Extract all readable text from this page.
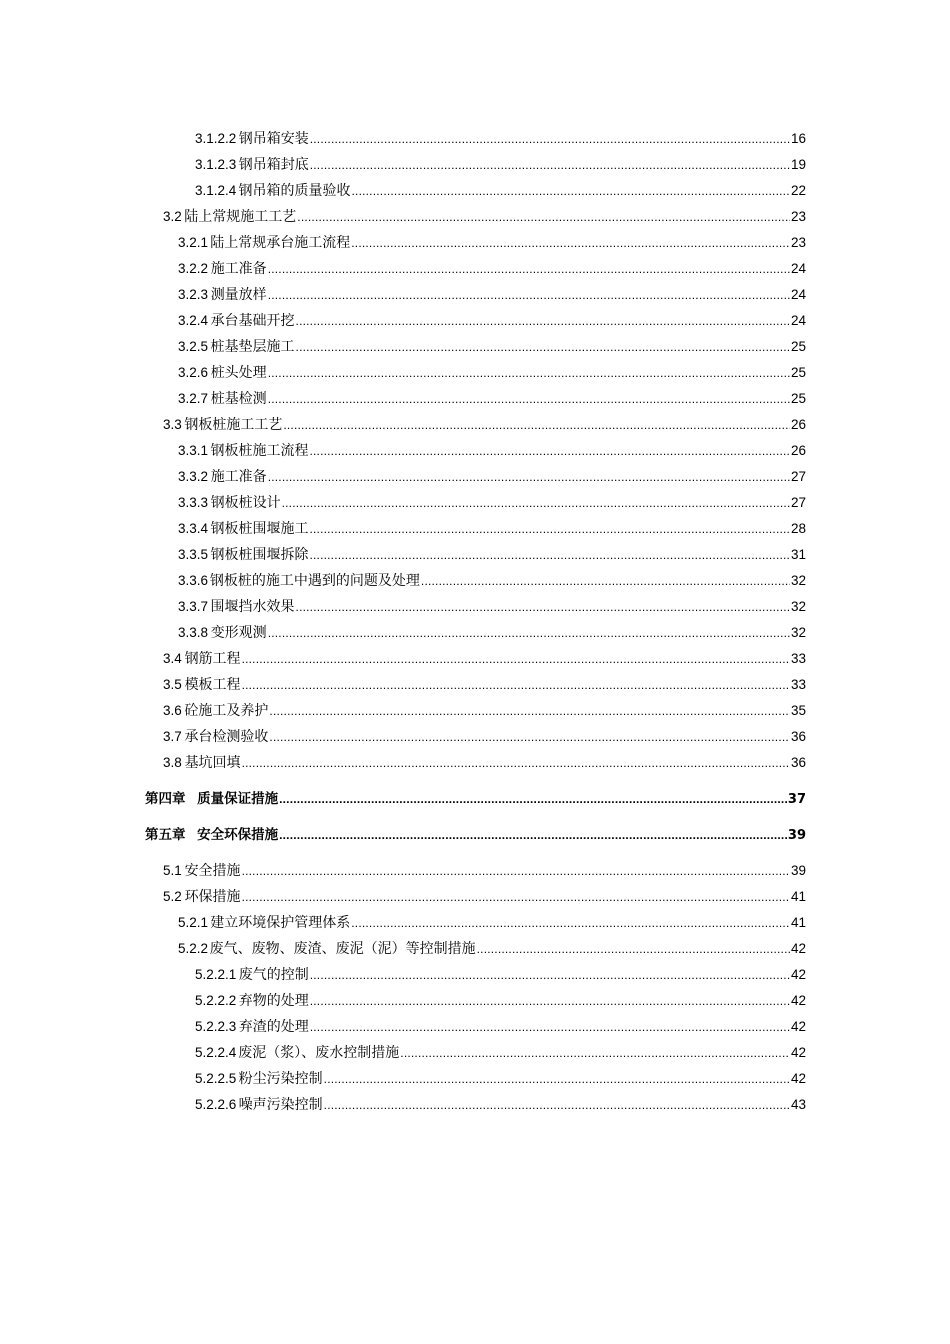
3.1.2.2 钢吊箱安装 .....	16
3.1.2.3 钢吊箱封底 .....	19
3.1.2.4 钢吊箱的质量验收 .....	22
3.2 陆上常规施工工艺 .....	23
3.2.1 陆上常规承台施工流程 .....	23
3.2.2 施工准备 .....	24
3.2.3 测量放样 .....	24
3.2.4 承台基础开挖 .....	24
3.2.5 桩基垫层施工 .....	25
3.2.6 桩头处理 .....	25
3.2.7 桩基检测 .....	25
3.3 钢板桩施工工艺 .....	26
3.3.1 钢板桩施工流程 .....	26
3.3.2 施工准备 .....	27
3.3.3 钢板桩设计 .....	27
3.3.4 钢板桩围堰施工 .....	28
3.3.5 钢板桩围堰拆除 .....	31
3.3.6 钢板桩的施工中遇到的问题及处理 .....	32
3.3.7 围堰挡水效果 .....	32
3.3.8 变形观测 .....	32
3.4 钢筋工程 .....	33
3.5 模板工程 .....	33
3.6 砼施工及养护 .....	35
3.7 承台检测验收 .....	36
3.8 基坑回填 .....	36
第四章 质量保证措施 .....	37
第五章 安全环保措施 .....	39
5.1 安全措施 .....	39
5.2 环保措施 .....	41
5.2.1 建立环境保护管理体系 .....	41
5.2.2 废气、废物、废渣、废泥（泥）等控制措施 .....	42
5.2.2.1 废气的控制 .....	42
5.2.2.2 弃物的处理 .....	42
5.2.2.3 弃渣的处理 .....	42
5.2.2.4 废泥（浆）、废水控制措施 .....	42
5.2.2.5 粉尘污染控制 .....	42
5.2.2.6 噪声污染控制 .....	43
